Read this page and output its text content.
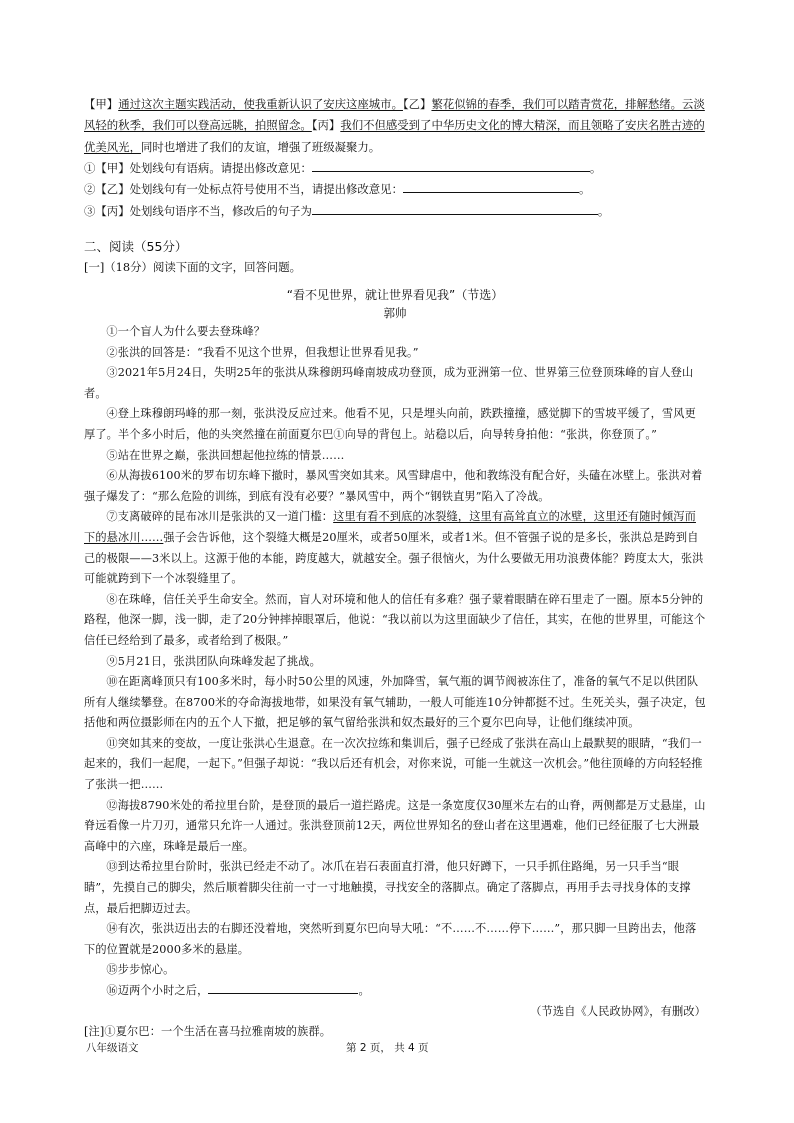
【甲】通过这次主题实践活动，使我重新认识了安庆这座城市。【乙】繁花似锦的春季，我们可以踏青赏花，排解愁绪。云淡风轻的秋季，我们可以登高远眺，拍照留念。【丙】我们不但感受到了中华历史文化的博大精深，而且领略了安庆名胜古迹的优美风光，同时也增进了我们的友谊，增强了班级凝聚力。

①【甲】处划线句有语病。请提出修改意见：	。

②【乙】处划线句有一处标点符号使用不当，请提出修改意见：	。

③【丙】处划线句语序不当，修改后的句子为	。

二、阅读（55分）

[一]（18分）阅读下面的文字，回答问题。

“看不见世界，就让世界看见我”（节选）

郭帅

①一个盲人为什么要去登珠峰？

②张洪的回答是：“我看不见这个世界，但我想让世界看见我。”

③2021年5月24日，失明25年的张洪从珠穆朗玛峰南坡成功登顶，成为亚洲第一位、世界第三位登顶珠峰的盲人登山者。

④登上珠穆朗玛峰的那一刻，张洪没反应过来。他看不见，只是埋头向前，跌跌撞撞，感觉脚下的雪坡平缓了，雪风更厚了。半个多小时后，他的头突然撞在前面夏尔巴①向导的背包上。站稳以后，向导转身拍他：“张洪，你登顶了。”

⑤站在世界之巅，张洪回想起他拉练的情景……

⑥从海拔6100米的罗布切东峰下撤时，暴风雪突如其来。风雪肆虐中，他和教练没有配合好，头磕在冰壁上。张洪对着强子爆发了：“那么危险的训练，到底有没有必要？”暴风雪中，两个“钢铁直男”陷入了冷战。

⑦支离破碎的昆布冰川是张洪的又一道门槛：这里有看不到底的冰裂缝，这里有高耸直立的冰壁，这里还有随时倾泻而下的悬冰川……强子会告诉他，这个裂缝大概是20厘米，或者50厘米，或者1米。但不管强子说的是多长，张洪总是跨到自己的极限——3米以上。这源于他的本能，跨度越大，就越安全。强子很恼火，为什么要做无用功浪费体能？跨度太大，张洪可能就跨到下一个冰裂缝里了。

⑧在珠峰，信任关乎生命安全。然而，盲人对环境和他人的信任有多难？强子蒙着眼睛在碎石里走了一圈。原本5分钟的路程，他深一脚，浅一脚，走了20分钟摔掉眼罩后，他说：“我以前以为这里面缺少了信任，其实，在他的世界里，可能这个信任已经给到了最多，或者给到了极限。”

⑨5月21日，张洪团队向珠峰发起了挑战。

⑩在距离峰顶只有100多米时，每小时50公里的风速，外加降雪，氧气瓶的调节阀被冻住了，准备的氧气不足以供团队所有人继续攀登。在8700米的夺命海拔地带，如果没有氧气辅助，一般人可能连10分钟都挺不过。生死关头，强子决定，包括他和两位摄影师在内的五个人下撤，把足够的氧气留给张洪和奴杰最好的三个夏尔巴向导，让他们继续冲顶。

⑪突如其来的变故，一度让张洪心生退意。在一次次拉练和集训后，强子已经成了张洪在高山上最默契的眼睛，“我们一起来的，我们一起爬，一起下。”但强子却说：“我以后还有机会，对你来说，可能一生就这一次机会。”他往顶峰的方向轻轻推了张洪一把……

⑫海拔8790米处的希拉里台阶，是登顶的最后一道拦路虎。这是一条宽度仅30厘米左右的山脊，两侧都是万丈悬崖，山脊远看像一片刀刃，通常只允许一人通过。张洪登顶前12天，两位世界知名的登山者在这里遇难，他们已经征服了七大洲最高峰中的六座，珠峰是最后一座。

⑬到达希拉里台阶时，张洪已经走不动了。冰爪在岩石表面直打滑，他只好蹲下，一只手抓住路绳，另一只手当“眼睛”，先摸自己的脚尖，然后顺着脚尖往前一寸一寸地触摸，寻找安全的落脚点。确定了落脚点，再用手去寻找身体的支撑点，最后把脚迈过去。

⑭有次，张洪迈出去的右脚还没着地，突然听到夏尔巴向导大吼：“不……不……停下……”，那只脚一旦跨出去，他落下的位置就是2000多米的悬崖。

⑮步步惊心。

⑯迈两个小时之后，	。

（节选自《人民政协网》，有删改）

[注]①夏尔巴：一个生活在喜马拉雅南坡的族群。

八年级语文	第 2 页， 共 4 页
